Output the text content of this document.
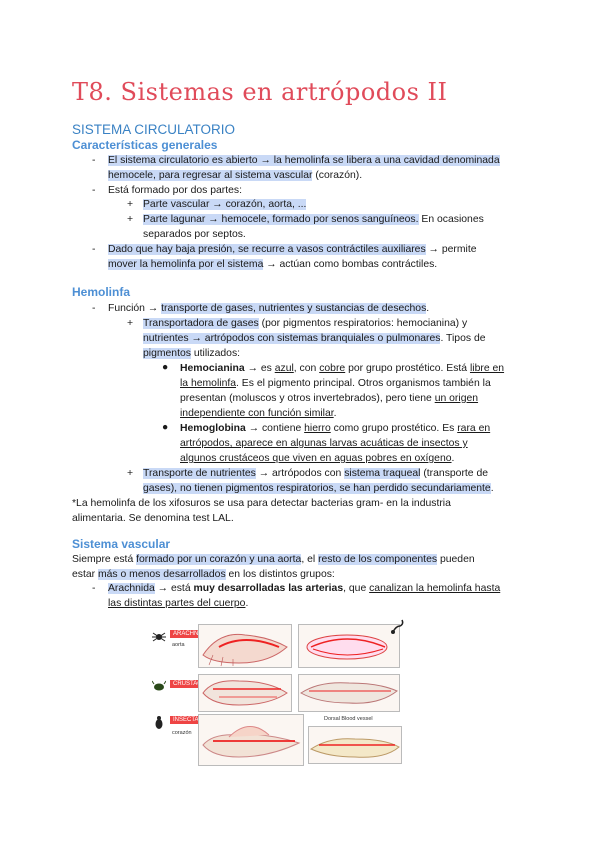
T8. Sistemas en artrópodos II
SISTEMA CIRCULATORIO
Características generales
- El sistema circulatorio es abierto → la hemolinfa se libera a una cavidad denominada
hemocele, para regresar al sistema vascular (corazón).
- Está formado por dos partes:
+ Parte vascular → corazón, aorta, ...
+ Parte lagunar → hemocele, formado por senos sanguíneos. En ocasiones
separados por septos.
- Dado que hay baja presión, se recurre a vasos contráctiles auxiliares → permite
mover la hemolinfa por el sistema → actúan como bombas contráctiles.
Hemolinfa
- Función → transporte de gases, nutrientes y sustancias de desechos.
+ Transportadora de gases (por pigmentos respiratorios: hemocianina) y
nutrientes → artrópodos con sistemas branquiales o pulmonares. Tipos de
pigmentos utilizados:
● Hemocianina → es azul, con cobre por grupo prostético. Está libre en
la hemolinfa. Es el pigmento principal. Otros organismos también la
presentan (moluscos y otros invertebrados), pero tiene un origen
independiente con función similar.
● Hemoglobina → contiene hierro como grupo prostético. Es rara en
artrópodos, aparece en algunas larvas acuáticas de insectos y
algunos crustáceos que viven en aguas pobres en oxígeno.
+ Transporte de nutrientes → artrópodos con sistema traqueal (transporte de
gases), no tienen pigmentos respiratorios, se han perdido secundariamente.
*La hemolinfa de los xifosuros se usa para detectar bacterias gram- en la industria
alimentaria. Se denomina test LAL.
Sistema vascular
Siempre está formado por un corazón y una aorta, el resto de los componentes pueden
estar más o menos desarrollados en los distintos grupos:
- Arachnida → está muy desarrolladas las arterias, que canalizan la hemolinfa hasta
las distintas partes del cuerpo.
ARACHNIDA
aorta
CRUSTACEA
INSECTA
corazón
Dorsal Blood vessel
